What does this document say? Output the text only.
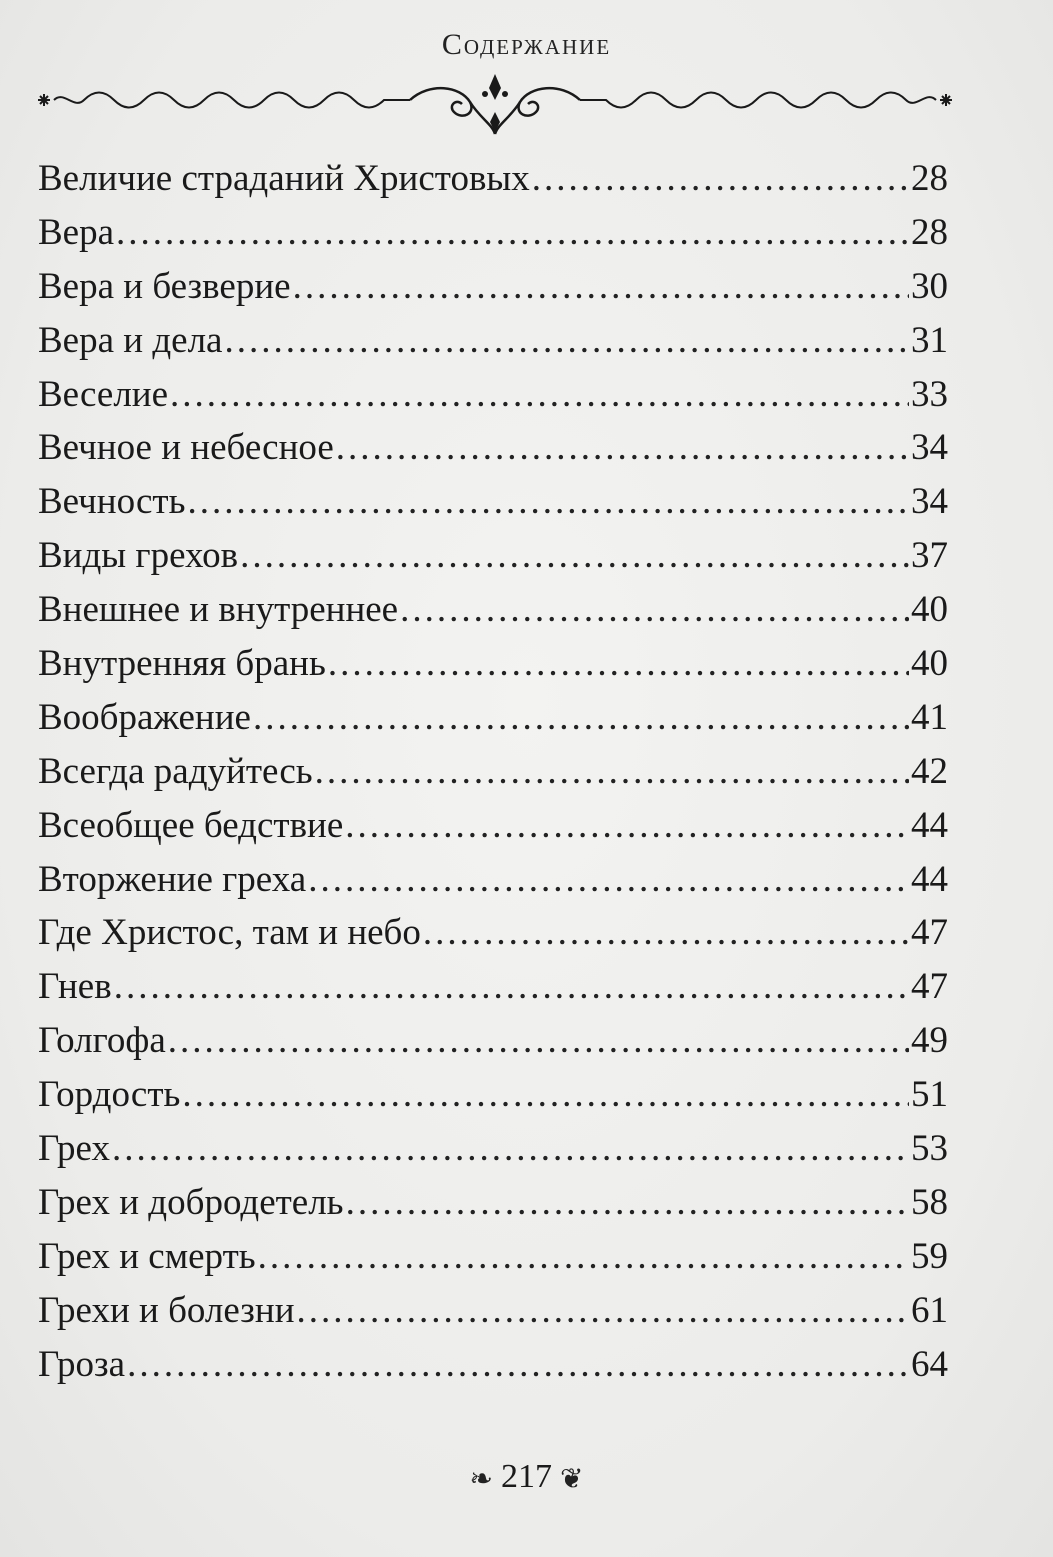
Содержание
Величие страданий Христовых .....	28
Вера .....	28
Вера и безверие .....	30
Вера и дела .....	31
Веселие .....	33
Вечное и небесное .....	34
Вечность .....	34
Виды грехов .....	37
Внешнее и внутреннее .....	40
Внутренняя брань .....	40
Воображение .....	41
Всегда радуйтесь .....	42
Всеобщее бедствие .....	44
Вторжение греха .....	44
Где Христос, там и небо .....	47
Гнев .....	47
Голгофа .....	49
Гордость .....	51
Грех .....	53
Грех и добродетель .....	58
Грех и смерть .....	59
Грехи и болезни .....	61
Гроза .....	64
❧ 217 ❦
